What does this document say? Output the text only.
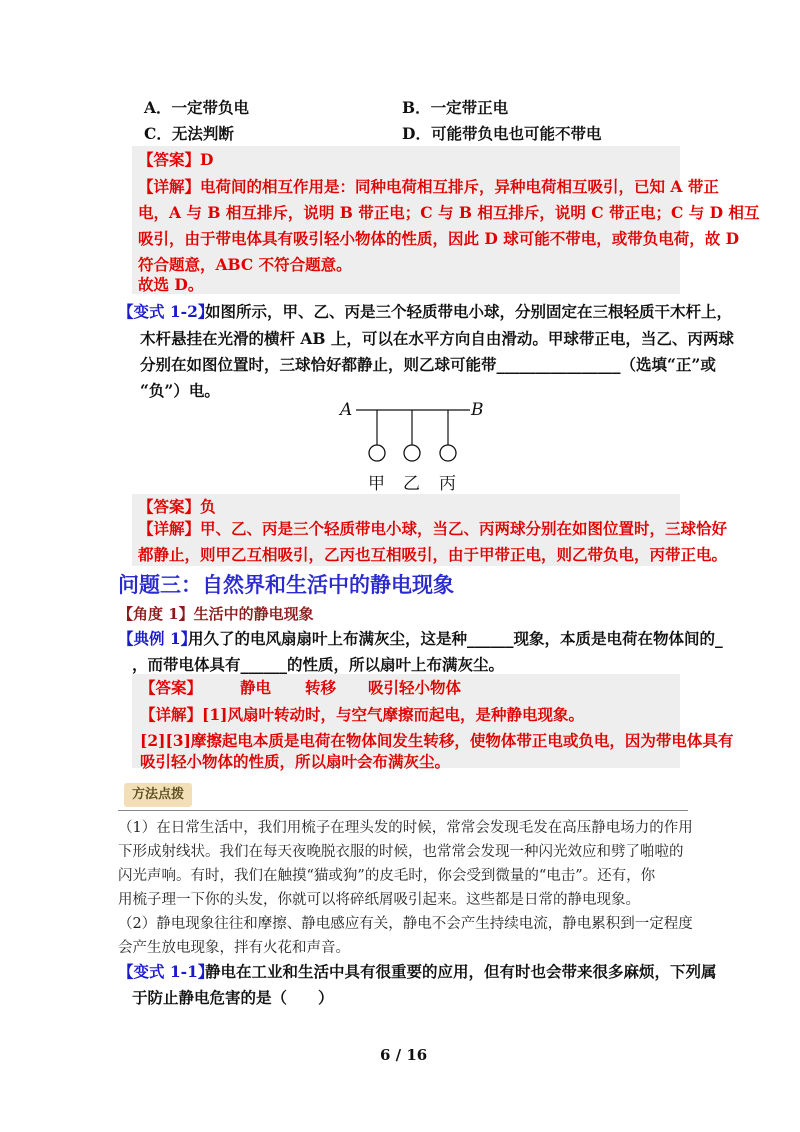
A．一定带负电	B．一定带正电
C．无法判断	D．可能带负电也可能不带电
【答案】D
【详解】电荷间的相互作用是：同种电荷相互排斥，异种电荷相互吸引，已知 A 带正
电，A 与 B 相互排斥，说明 B 带正电；C 与 B 相互排斥，说明 C 带正电；C 与 D 相互
吸引，由于带电体具有吸引轻小物体的性质，因此 D 球可能不带电，或带负电荷，故 D
符合题意，ABC 不符合题意。
故选 D。
【变式 1-2】
如图所示，甲、乙、丙是三个轻质带电小球，分别固定在三根轻质干木杆上，
木杆悬挂在光滑的横杆 AB 上，可以在水平方向自由滑动。甲球带正电，当乙、丙两球
分别在如图位置时，三球恰好都静止，则乙球可能带________________（选填“正”或
“负”）电。
A	B
甲 乙 丙
【答案】负
【详解】甲、乙、丙是三个轻质带电小球，当乙、丙两球分别在如图位置时，三球恰好
都静止，则甲乙互相吸引，乙丙也互相吸引，由于甲带正电，则乙带负电，丙带正电。
问题三：自然界和生活中的静电现象
【角度 1】生活中的静电现象
【典例 1】
用久了的电风扇扇叶上布满灰尘，这是种______现象，本质是电荷在物体间的_
，而带电体具有______的性质，所以扇叶上布满灰尘。
【答案】 静电 转移 吸引轻小物体
【详解】[1]风扇叶转动时，与空气摩擦而起电，是种静电现象。
[2][3]摩擦起电本质是电荷在物体间发生转移，使物体带正电或负电，因为带电体具有
吸引轻小物体的性质，所以扇叶会布满灰尘。
方法点拨
（1）在日常生活中，我们用梳子在理头发的时候，常常会发现毛发在高压静电场力的作用
下形成射线状。我们在每天夜晚脱衣服的时候，也常常会发现一种闪光效应和劈了啪啦的
闪光声响。有时，我们在触摸“猫或狗”的皮毛时，你会受到微量的“电击”。还有，你
用梳子理一下你的头发，你就可以将碎纸屑吸引起来。这些都是日常的静电现象。
（2）静电现象往往和摩擦、静电感应有关，静电不会产生持续电流，静电累积到一定程度
会产生放电现象，拌有火花和声音。
【变式 1-1】
静电在工业和生活中具有很重要的应用，但有时也会带来很多麻烦，下列属
于防止静电危害的是（　　）
6 / 16
